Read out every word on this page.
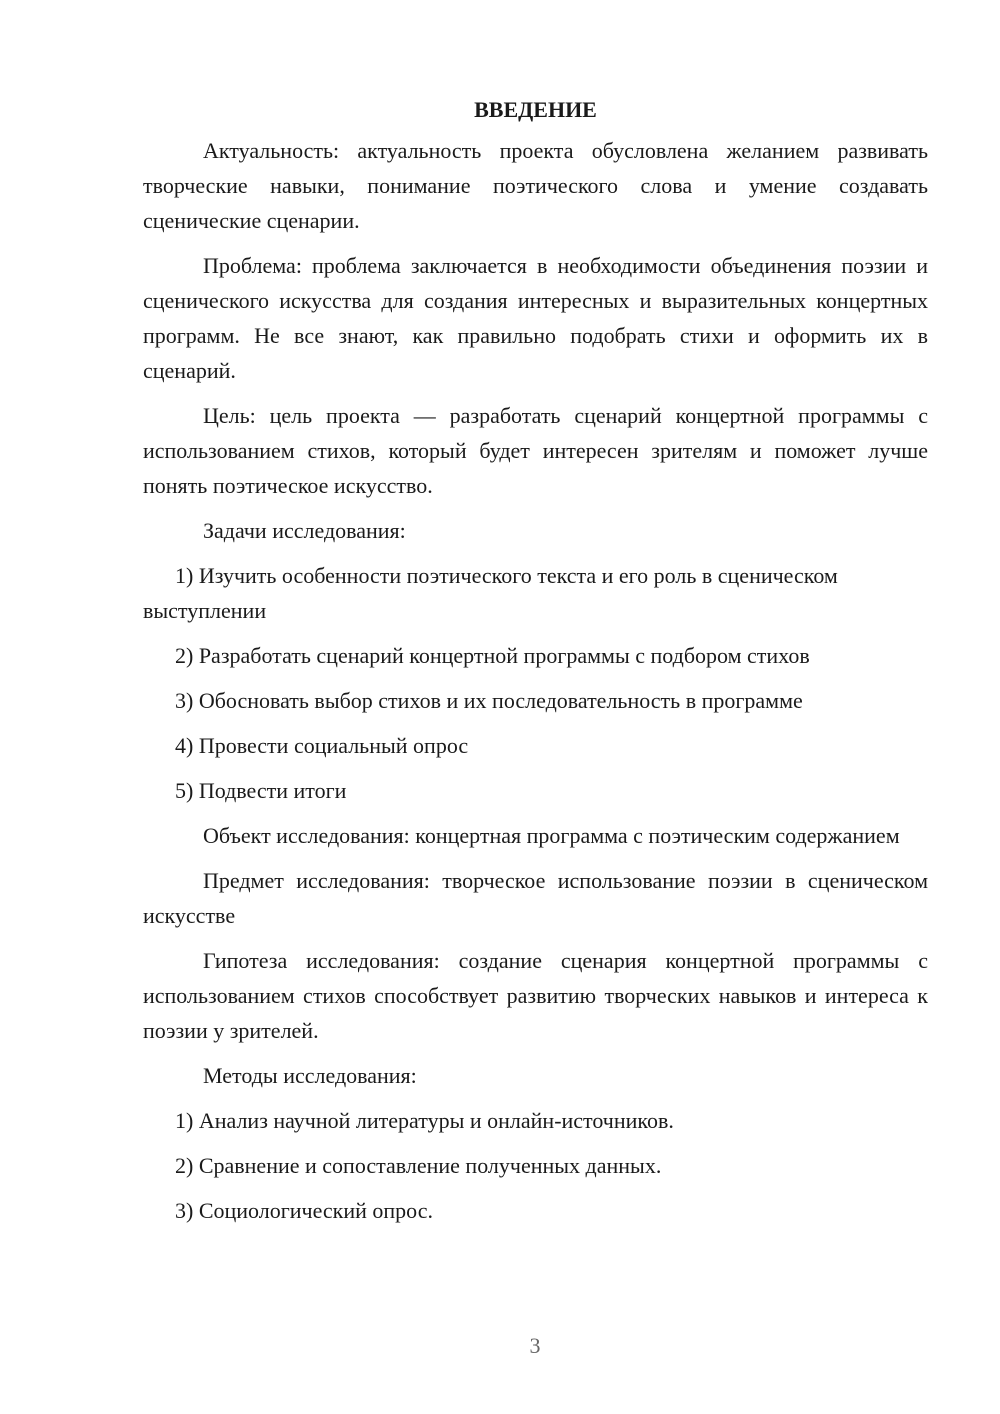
ВВЕДЕНИЕ

Актуальность: актуальность проекта обусловлена желанием развивать творческие навыки, понимание поэтического слова и умение создавать сценические сценарии.

Проблема: проблема заключается в необходимости объединения поэзии и сценического искусства для создания интересных и выразительных концертных программ. Не все знают, как правильно подобрать стихи и оформить их в сценарий.

Цель: цель проекта — разработать сценарий концертной программы с использованием стихов, который будет интересен зрителям и поможет лучше понять поэтическое искусство.

Задачи исследования:

1) Изучить особенности поэтического текста и его роль в сценическом выступлении

2) Разработать сценарий концертной программы с подбором стихов

3) Обосновать выбор стихов и их последовательность в программе

4) Провести социальный опрос

5) Подвести итоги

Объект исследования: концертная программа с поэтическим содержанием

Предмет исследования: творческое использование поэзии в сценическом искусстве

Гипотеза исследования: создание сценария концертной программы с использованием стихов способствует развитию творческих навыков и интереса к поэзии у зрителей.

Методы исследования:

1) Анализ научной литературы и онлайн-источников.

2) Сравнение и сопоставление полученных данных.

3) Социологический опрос.

3
